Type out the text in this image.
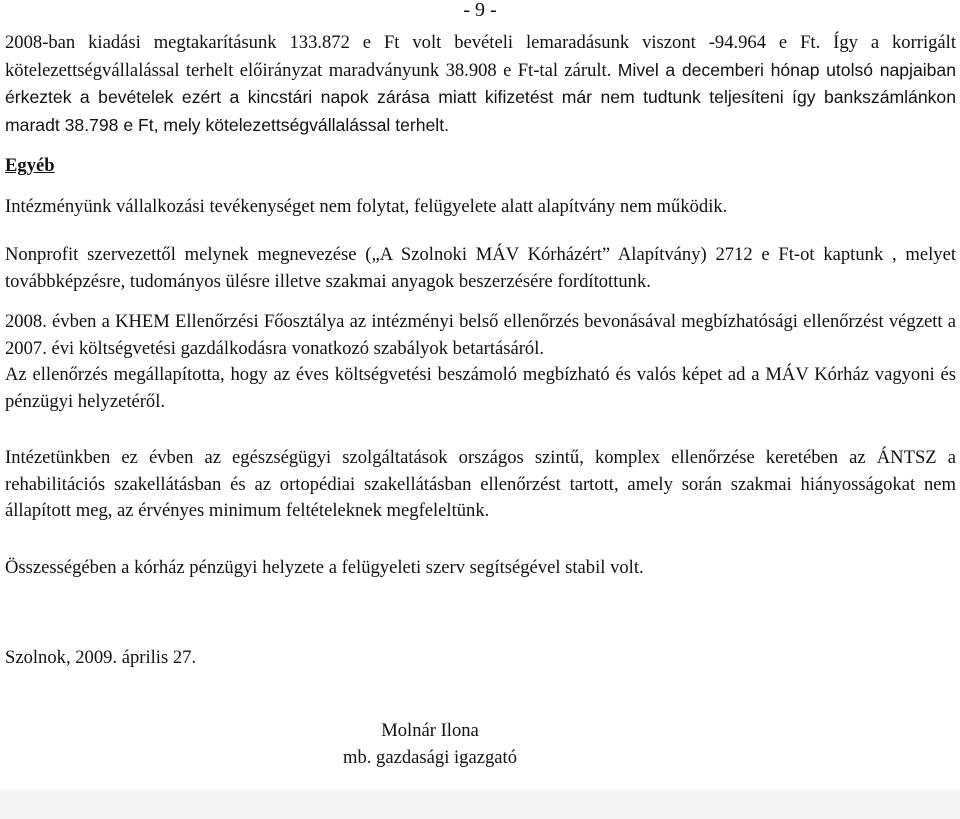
- 9 -

2008-ban kiadási megtakarításunk 133.872 e Ft volt bevételi lemaradásunk viszont -94.964 e Ft. Így a korrigált kötelezettségvállalással terhelt előirányzat maradványunk 38.908 e Ft-tal zárult. Mivel a decemberi hónap utolsó napjaiban érkeztek a bevételek ezért a kincstári napok zárása miatt kifizetést már nem tudtunk teljesíteni így bankszámlánkon maradt 38.798 e Ft, mely kötelezettségvállalással terhelt.

Egyéb

Intézményünk vállalkozási tevékenységet nem folytat, felügyelete alatt alapítvány nem működik.

Nonprofit szervezettől melynek megnevezése („A Szolnoki MÁV Kórházért” Alapítvány) 2712 e Ft-ot kaptunk , melyet továbbképzésre, tudományos ülésre illetve szakmai anyagok beszerzésére fordítottunk.

2008. évben a KHEM Ellenőrzési Főosztálya az intézményi belső ellenőrzés bevonásával megbízhatósági ellenőrzést végzett a 2007. évi költségvetési gazdálkodásra vonatkozó szabályok betartásáról.

Az ellenőrzés megállapította, hogy az éves költségvetési beszámoló megbízható és valós képet ad a MÁV Kórház vagyoni és pénzügyi helyzetéről.

Intézetünkben ez évben az egészségügyi szolgáltatások országos szintű, komplex ellenőrzése keretében az ÁNTSZ a rehabilitációs szakellátásban és az ortopédiai szakellátásban ellenőrzést tartott, amely során szakmai hiányosságokat nem állapított meg, az érvényes minimum feltételeknek megfeleltünk.

Összességében a kórház pénzügyi helyzete a felügyeleti szerv segítségével stabil volt.

Szolnok, 2009. április 27.
Molnár Ilona
mb. gazdasági igazgató
